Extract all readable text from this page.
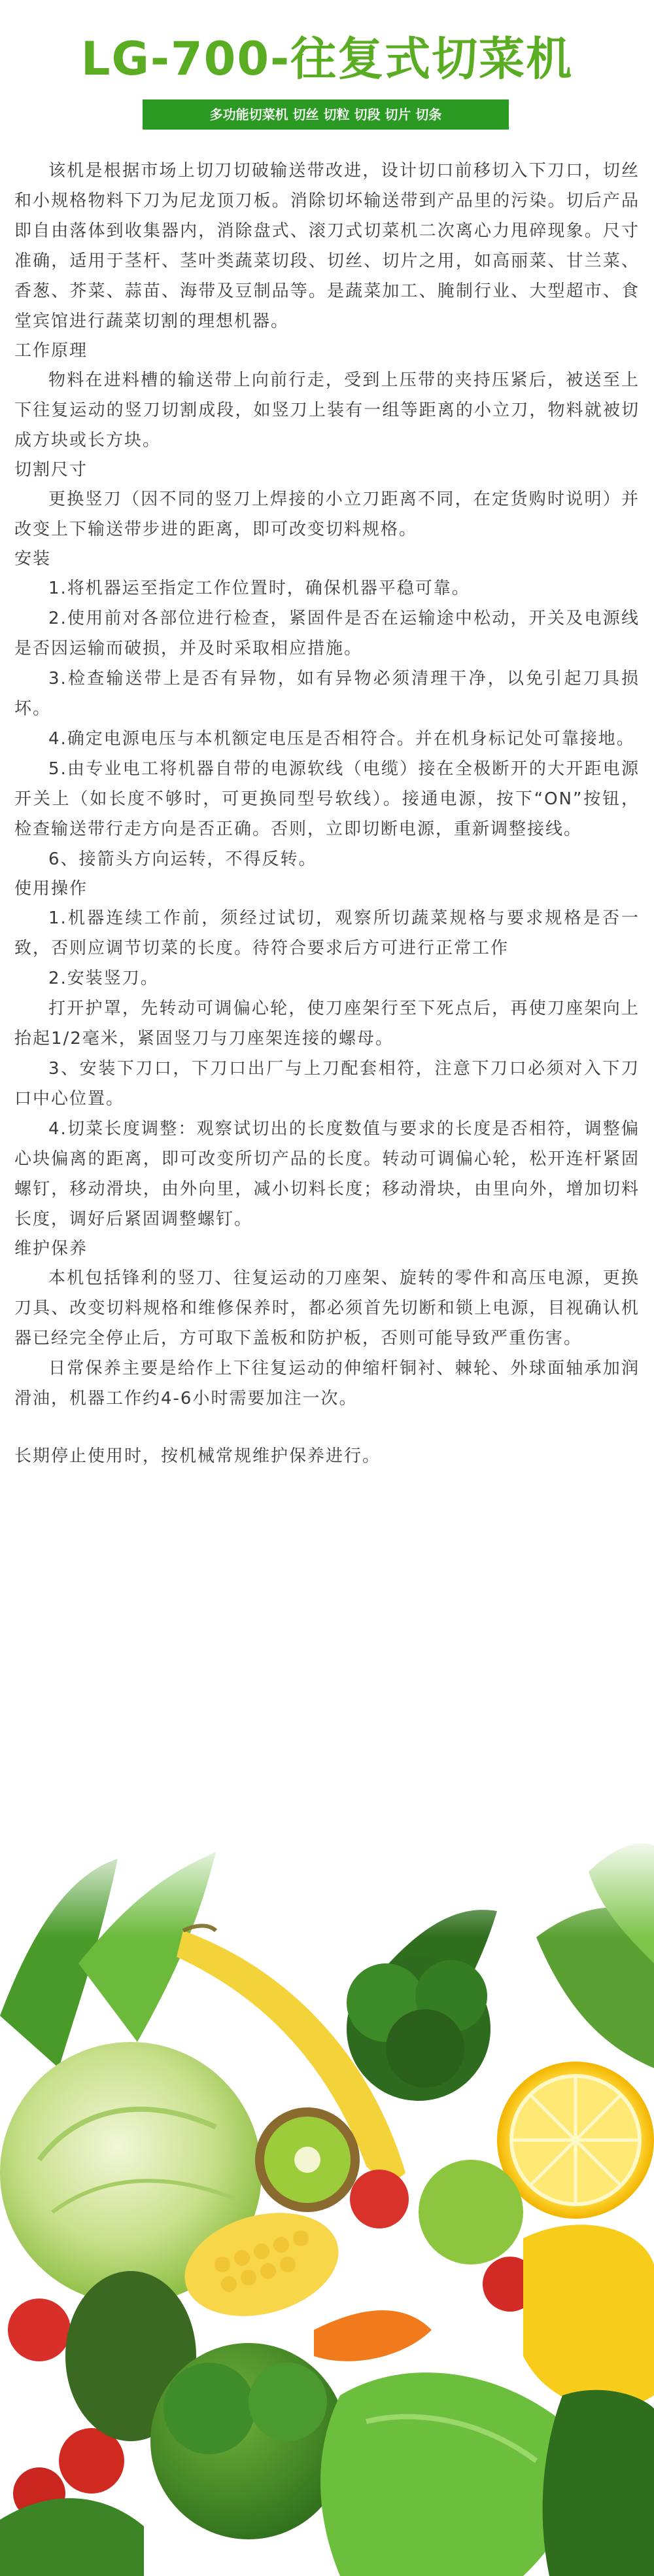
LG-700-往复式切菜机
多功能切菜机 切丝 切粒 切段 切片 切条

该机是根据市场上切刀切破输送带改进，设计切口前移切入下刀口，切丝和小规格物料下刀为尼龙顶刀板。消除切坏输送带到产品里的污染。切后产品即自由落体到收集器内，消除盘式、滚刀式切菜机二次离心力甩碎现象。尺寸准确，适用于茎杆、茎叶类蔬菜切段、切丝、切片之用，如高丽菜、甘兰菜、香葱、芥菜、蒜苗、海带及豆制品等。是蔬菜加工、腌制行业、大型超市、食堂宾馆进行蔬菜切割的理想机器。

工作原理

物料在进料槽的输送带上向前行走，受到上压带的夹持压紧后，被送至上下往复运动的竖刀切割成段，如竖刀上装有一组等距离的小立刀，物料就被切成方块或长方块。

切割尺寸

更换竖刀（因不同的竖刀上焊接的小立刀距离不同，在定货购时说明）并改变上下输送带步进的距离，即可改变切料规格。

安装

1.将机器运至指定工作位置时，确保机器平稳可靠。

2.使用前对各部位进行检查，紧固件是否在运输途中松动，开关及电源线是否因运输而破损，并及时采取相应措施。

3.检查输送带上是否有异物，如有异物必须清理干净，以免引起刀具损坏。

4.确定电源电压与本机额定电压是否相符合。并在机身标记处可靠接地。

5.由专业电工将机器自带的电源软线（电缆）接在全极断开的大开距电源开关上（如长度不够时，可更换同型号软线）。接通电源，按下“ON”按钮，检查输送带行走方向是否正确。否则，立即切断电源，重新调整接线。

6、接箭头方向运转，不得反转。

使用操作

1.机器连续工作前，须经过试切，观察所切蔬菜规格与要求规格是否一致，否则应调节切菜的长度。待符合要求后方可进行正常工作

2.安装竖刀。

打开护罩，先转动可调偏心轮，使刀座架行至下死点后，再使刀座架向上抬起1/2毫米，紧固竖刀与刀座架连接的螺母。

3、安装下刀口，下刀口出厂与上刀配套相符，注意下刀口必须对入下刀口中心位置。

4.切菜长度调整：观察试切出的长度数值与要求的长度是否相符，调整偏心块偏离的距离，即可改变所切产品的长度。转动可调偏心轮，松开连杆紧固螺钉，移动滑块，由外向里，减小切料长度；移动滑块，由里向外，增加切料长度，调好后紧固调整螺钉。

维护保养

本机包括锋利的竖刀、往复运动的刀座架、旋转的零件和高压电源，更换刀具、改变切料规格和维修保养时，都必须首先切断和锁上电源，目视确认机器已经完全停止后，方可取下盖板和防护板，否则可能导致严重伤害。

日常保养主要是给作上下往复运动的伸缩杆铜衬、棘轮、外球面轴承加润滑油，机器工作约4-6小时需要加注一次。

长期停止使用时，按机械常规维护保养进行。
